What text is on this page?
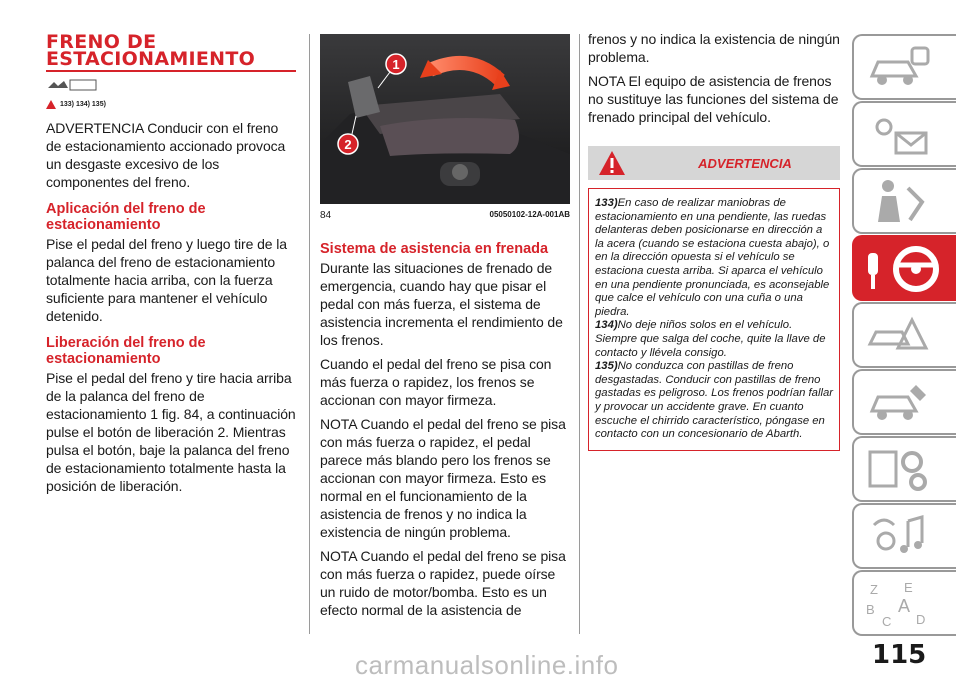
FRENO DE

ESTACIONAMIENTO
133) 134) 135)

ADVERTENCIA Conducir con el freno de estacionamiento accionado provoca un desgaste excesivo de los componentes del freno.

Aplicación del freno de estacionamiento

Pise el pedal del freno y luego tire de la palanca del freno de estacionamiento totalmente hacia arriba, con la fuerza suficiente para mantener el vehículo detenido.

Liberación del freno de estacionamiento

Pise el pedal del freno y tire hacia arriba de la palanca del freno de estacionamiento 1 fig. 84, a continuación pulse el botón de liberación 2. Mientras pulsa el botón, baje la palanca del freno de estacionamiento totalmente hasta la posición de liberación.

1
2
84	05050102-12A-001AB
Sistema de asistencia en frenada

Durante las situaciones de frenado de emergencia, cuando hay que pisar el pedal con más fuerza, el sistema de asistencia incrementa el rendimiento de los frenos.

Cuando el pedal del freno se pisa con más fuerza o rapidez, los frenos se accionan con mayor firmeza.

NOTA Cuando el pedal del freno se pisa con más fuerza o rapidez, el pedal parece más blando pero los frenos se accionan con mayor firmeza. Esto es normal en el funcionamiento de la asistencia de frenos y no indica la existencia de ningún problema.

NOTA Cuando el pedal del freno se pisa con más fuerza o rapidez, puede oírse un ruido de motor/bomba. Esto es un efecto normal de la asistencia de

frenos y no indica la existencia de ningún problema.

NOTA El equipo de asistencia de frenos no sustituye las funciones del sistema de frenado principal del vehículo.

ADVERTENCIA
133)En caso de realizar maniobras de estacionamiento en una pendiente, las ruedas delanteras deben posicionarse en dirección a la acera (cuando se estaciona cuesta abajo), o en la dirección opuesta si el vehículo se estaciona cuesta arriba. Si aparca el vehículo en una pendiente pronunciada, es aconsejable que calce el vehículo con una cuña o una piedra.
134)No deje niños solos en el vehículo. Siempre que salga del coche, quite la llave de contacto y llévela consigo.
135)No conduzca con pastillas de freno desgastadas. Conducir con pastillas de freno gastadas es peligroso. Los frenos podrían fallar y provocar un accidente grave. En cuanto escuche el chirrido característico, póngase en contacto con un concesionario de Abarth.
Z E
B A
C D
115
carmanualsonline.info
